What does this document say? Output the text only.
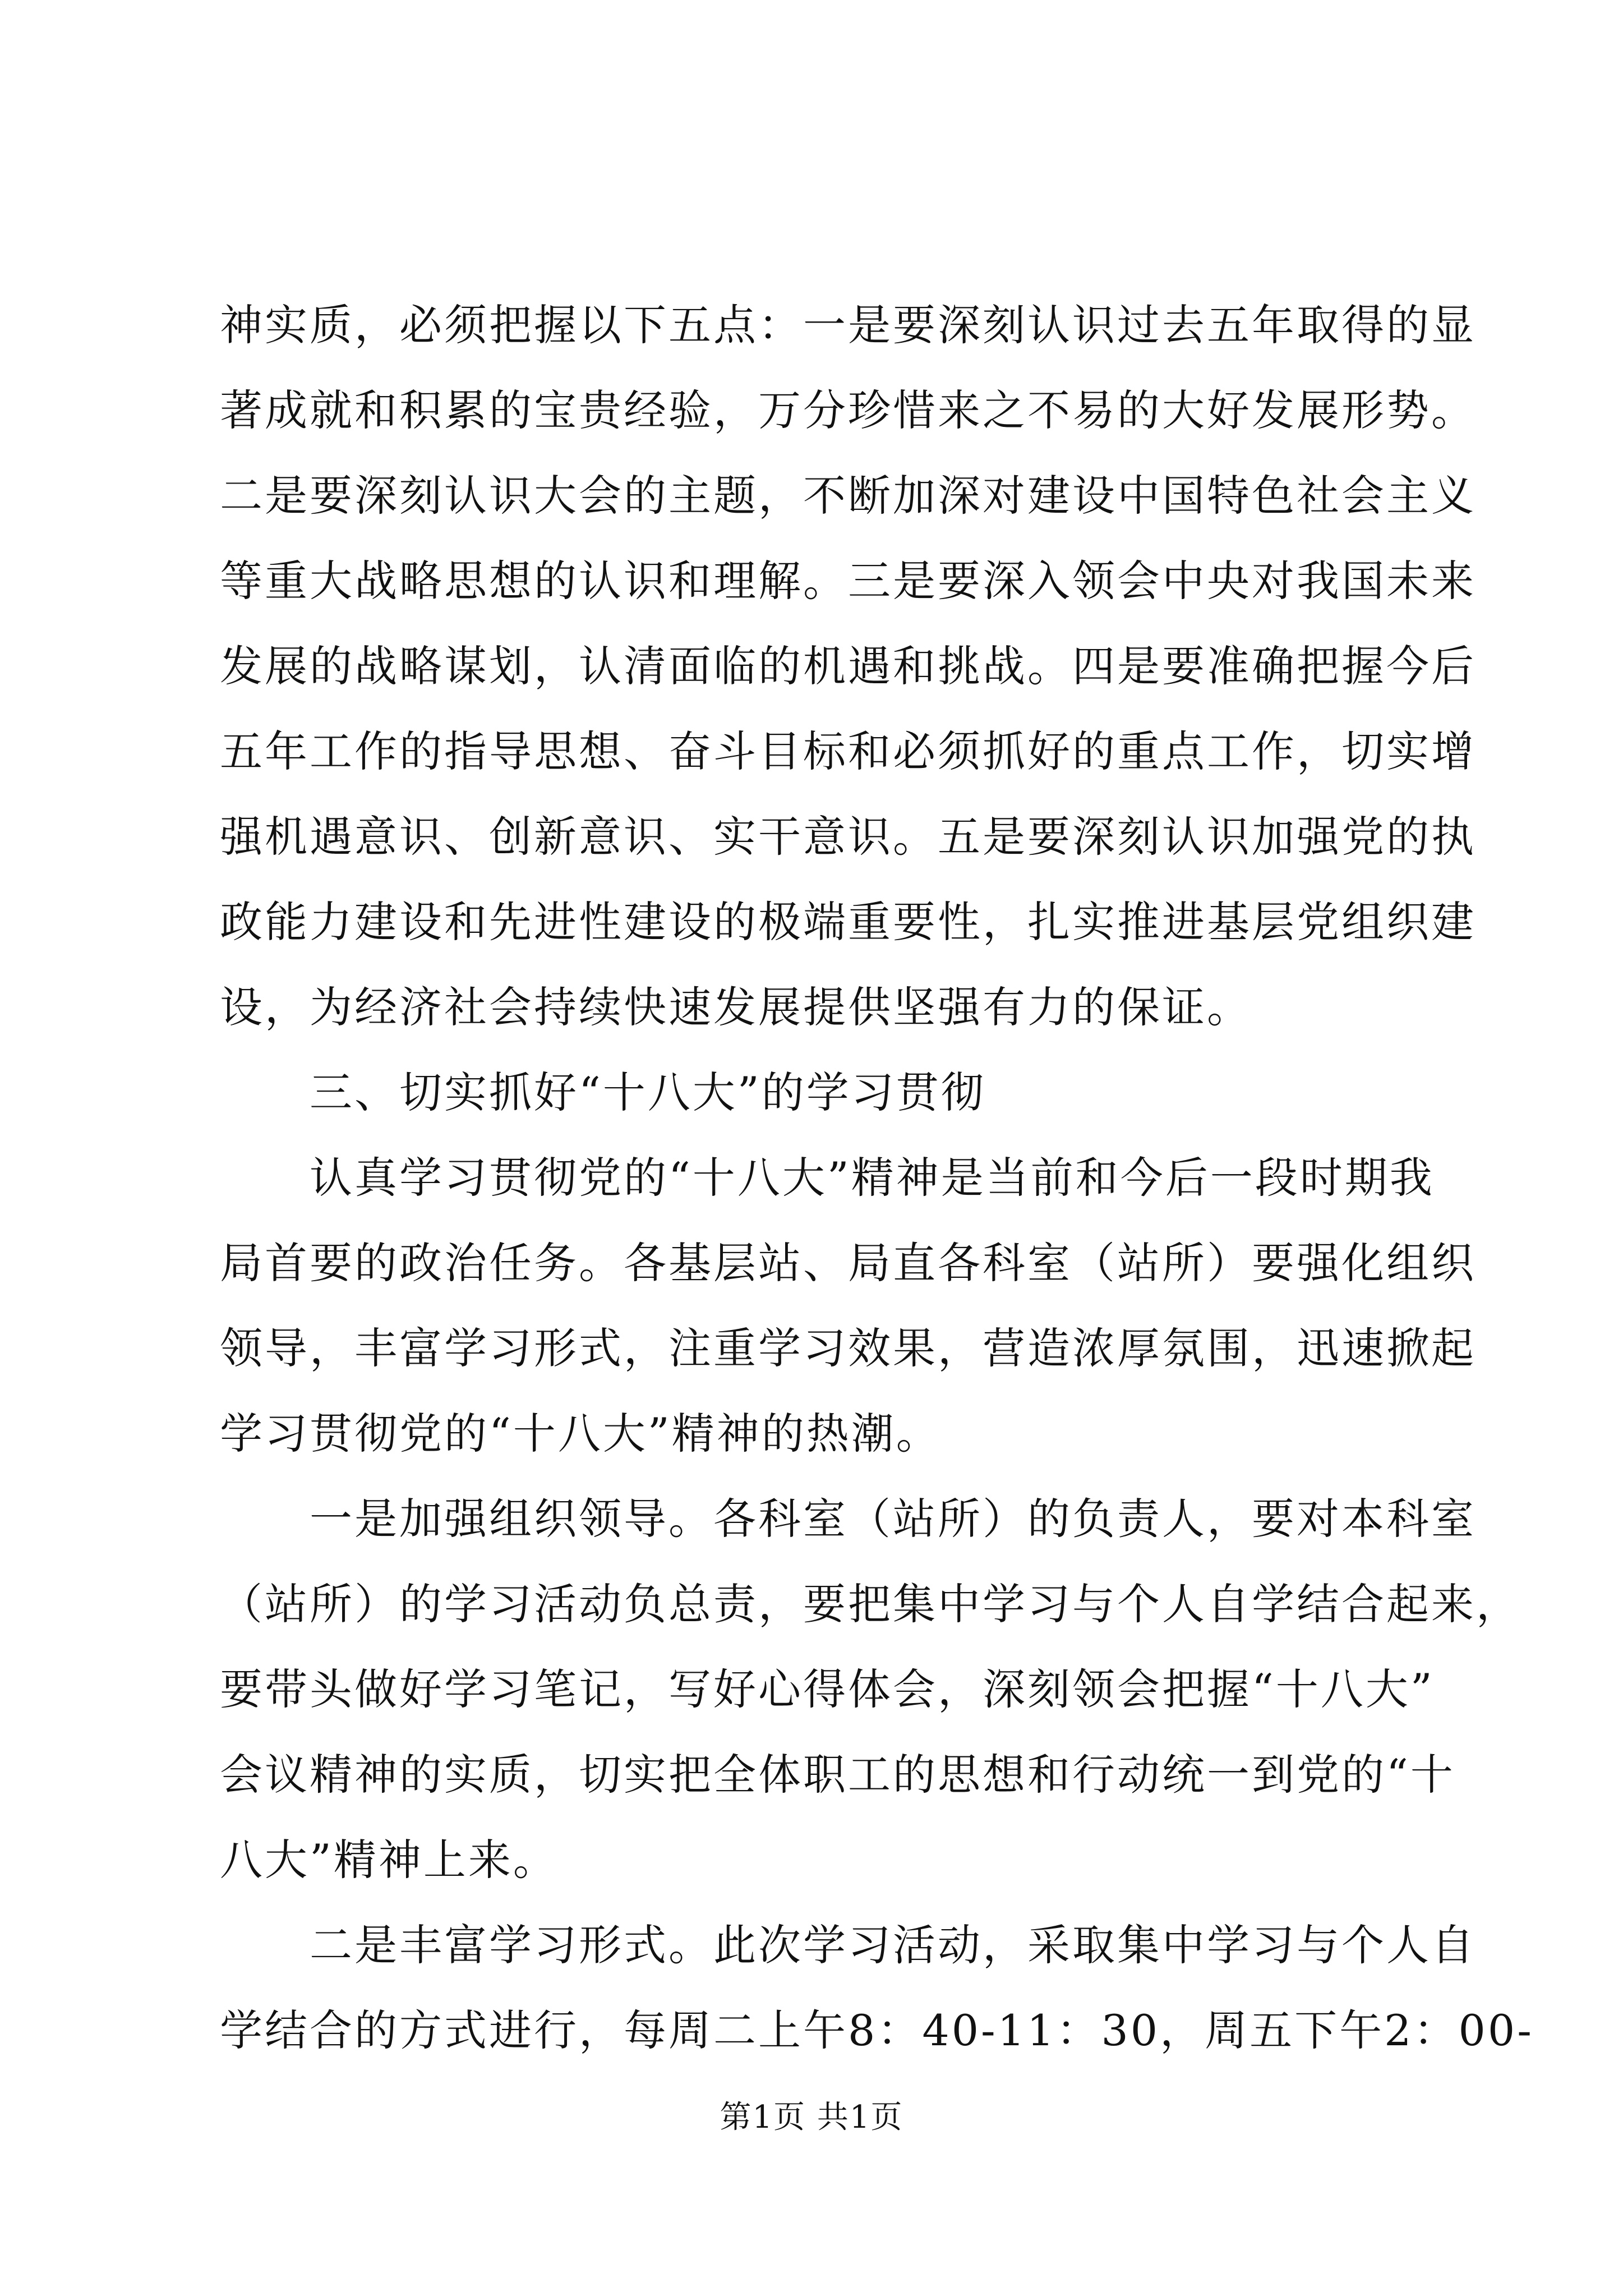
神实质，必须把握以下五点：一是要深刻认识过去五年取得的显
著成就和积累的宝贵经验，万分珍惜来之不易的大好发展形势。
二是要深刻认识大会的主题，不断加深对建设中国特色社会主义
等重大战略思想的认识和理解。三是要深入领会中央对我国未来
发展的战略谋划，认清面临的机遇和挑战。四是要准确把握今后
五年工作的指导思想、奋斗目标和必须抓好的重点工作，切实增
强机遇意识、创新意识、实干意识。五是要深刻认识加强党的执
政能力建设和先进性建设的极端重要性，扎实推进基层党组织建
设，为经济社会持续快速发展提供坚强有力的保证。
三、切实抓好“十八大”的学习贯彻
认真学习贯彻党的“十八大”精神是当前和今后一段时期我
局首要的政治任务。各基层站、局直各科室（站所）要强化组织
领导，丰富学习形式，注重学习效果，营造浓厚氛围，迅速掀起
学习贯彻党的“十八大”精神的热潮。
一是加强组织领导。各科室（站所）的负责人，要对本科室
（站所）的学习活动负总责，要把集中学习与个人自学结合起来，
要带头做好学习笔记，写好心得体会，深刻领会把握“十八大”
会议精神的实质，切实把全体职工的思想和行动统一到党的“十
八大”精神上来。
二是丰富学习形式。此次学习活动，采取集中学习与个人自
学结合的方式进行，每周二上午8：40-11：30，周五下午2：00-
第1页 共1页
